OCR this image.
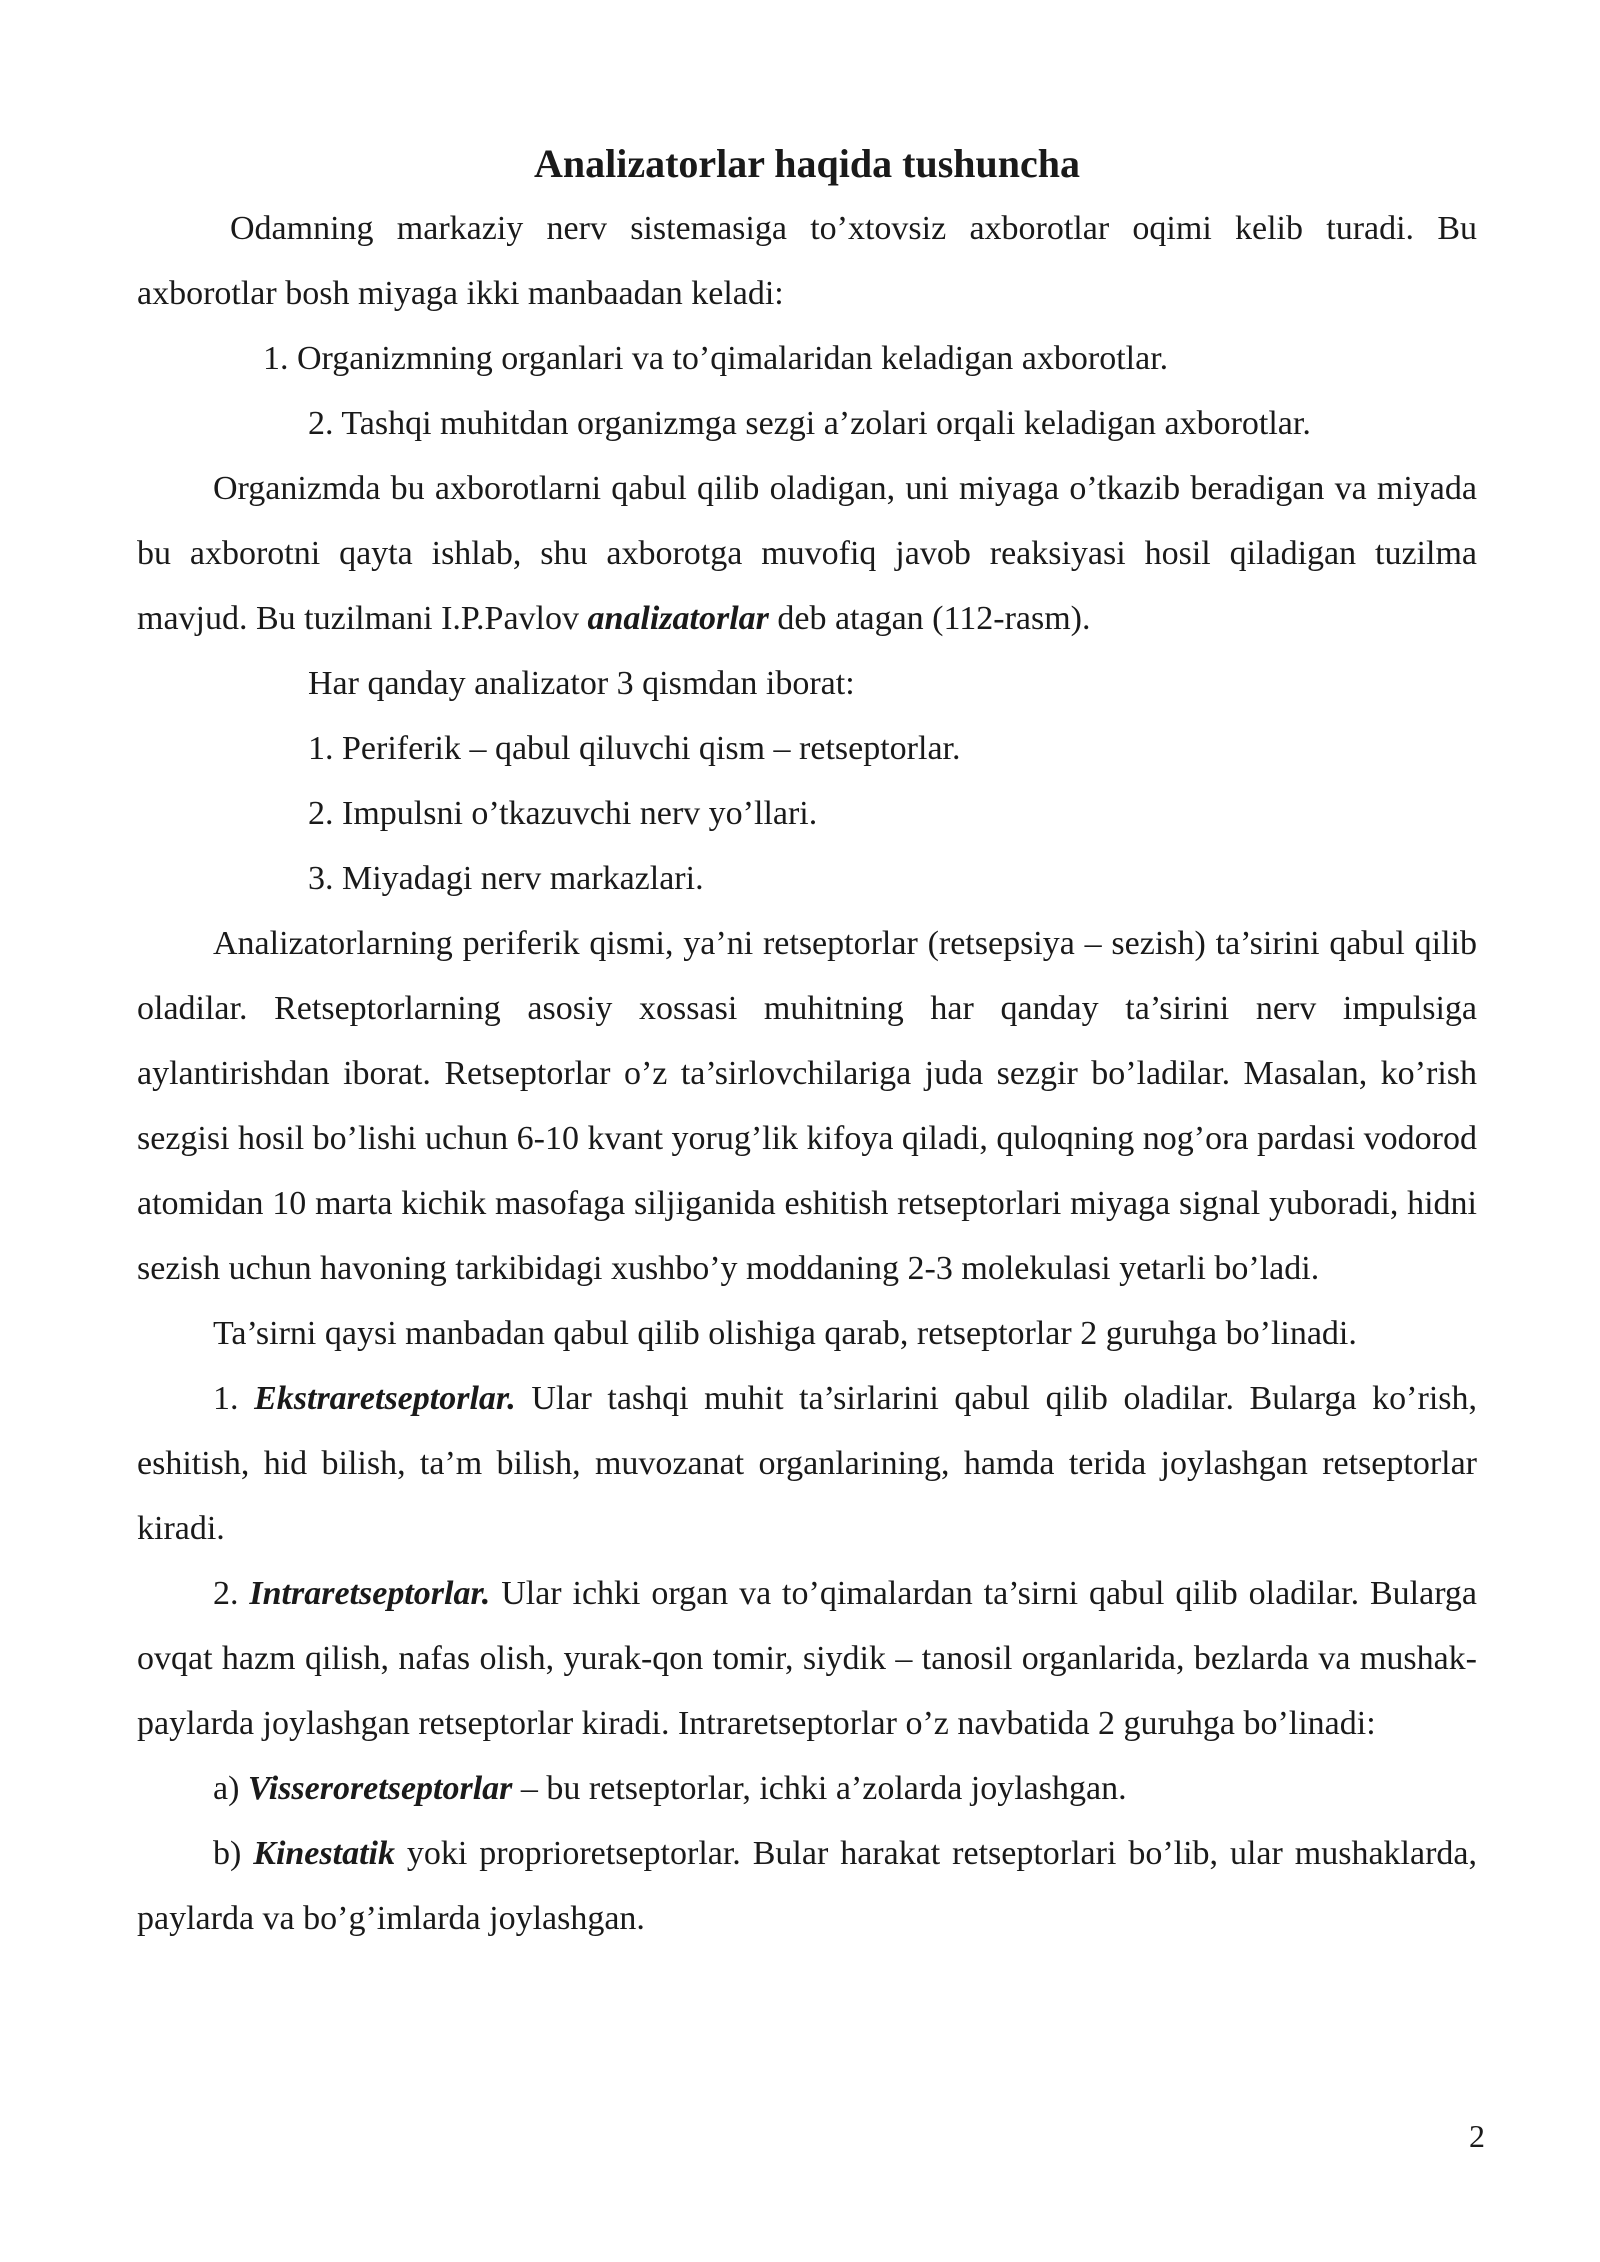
Analizatorlar haqida tushuncha

Odamning markaziy nerv sistemasiga to’xtovsiz axborotlar oqimi kelib turadi. Bu axborotlar bosh miyaga ikki manbaadan keladi:

1. Organizmning organlari va to’qimalaridan keladigan axborotlar.

2. Tashqi muhitdan organizmga sezgi a’zolari orqali keladigan axborotlar.

Organizmda bu axborotlarni qabul qilib oladigan, uni miyaga o’tkazib beradigan va miyada bu axborotni qayta ishlab, shu axborotga muvofiq javob reaksiyasi hosil qiladigan tuzilma mavjud. Bu tuzilmani I.P.Pavlov analizatorlar deb atagan (112-rasm).

Har qanday analizator 3 qismdan iborat:

1. Periferik – qabul qiluvchi qism – retseptorlar.

2. Impulsni o’tkazuvchi nerv yo’llari.

3. Miyadagi nerv markazlari.

Analizatorlarning periferik qismi, ya’ni retseptorlar (retsepsiya – sezish) ta’sirini qabul qilib oladilar. Retseptorlarning asosiy xossasi muhitning har qanday ta’sirini nerv impulsiga aylantirishdan iborat. Retseptorlar o’z ta’sirlovchilariga juda sezgir bo’ladilar. Masalan, ko’rish sezgisi hosil bo’lishi uchun 6-10 kvant yorug’lik kifoya qiladi, quloqning nog’ora pardasi vodorod atomidan 10 marta kichik masofaga siljiganida eshitish retseptorlari miyaga signal yuboradi, hidni sezish uchun havoning tarkibidagi xushbo’y moddaning 2-3 molekulasi yetarli bo’ladi.

Ta’sirni qaysi manbadan qabul qilib olishiga qarab, retseptorlar 2 guruhga bo’linadi.

1. Ekstraretseptorlar. Ular tashqi muhit ta’sirlarini qabul qilib oladilar. Bularga ko’rish, eshitish, hid bilish, ta’m bilish, muvozanat organlarining, hamda terida joylashgan retseptorlar kiradi.

2. Intraretseptorlar. Ular ichki organ va to’qimalardan ta’sirni qabul qilib oladilar. Bularga ovqat hazm qilish, nafas olish, yurak-qon tomir, siydik – tanosil organlarida, bezlarda va mushak-paylarda joylashgan retseptorlar kiradi. Intraretseptorlar o’z navbatida 2 guruhga bo’linadi:

a) Visseroretseptorlar – bu retseptorlar, ichki a’zolarda joylashgan.

b) Kinestatik yoki proprioretseptorlar. Bular harakat retseptorlari bo’lib, ular mushaklarda, paylarda va bo’g’imlarda joylashgan.

2
